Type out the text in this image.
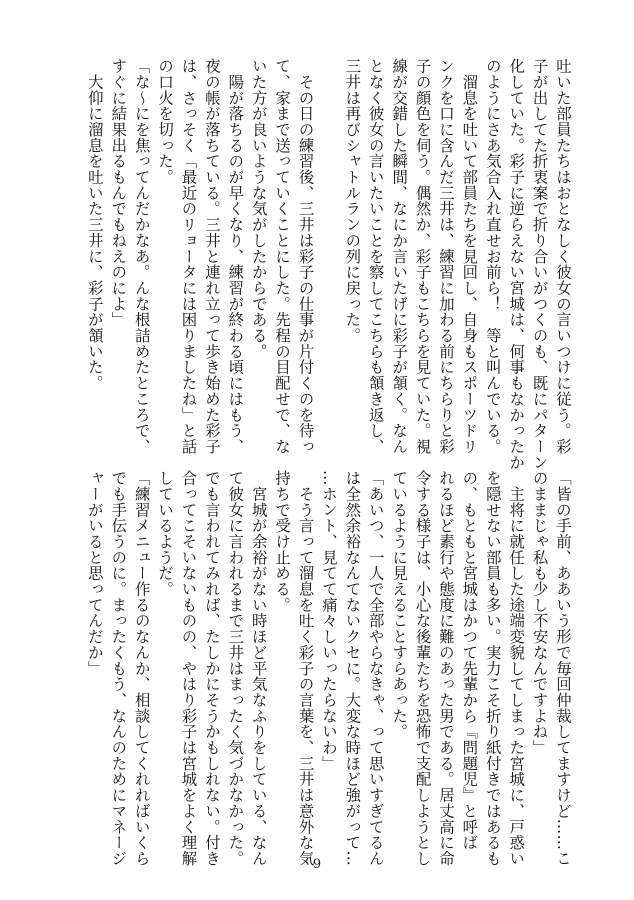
吐いた部員たちはおとなしく彼女の言いつけに従う。彩

子が出してた折衷案で折り合いがつくのも、既にパターン

化していた。彩子に逆らえない宮城は、何事もなかったか

のようにさあ気合入れ直せお前ら！　等と叫んでいる。

　溜息を吐いて部員たちを見回し、自身もスポーツドリ

ンクを口に含んだ三井は、練習に加わる前にちらりと彩

子の顔色を伺う。偶然か、彩子もこちらを見ていた。視

線が交錯した瞬間、なにか言いたげに彩子が頷く。なん

となく彼女の言いたいことを察してこちらも頷き返し、

三井は再びシャトルランの列に戻った。

　その日の練習後、三井は彩子の仕事が片付くのを待っ

て、家まで送っていくことにした。先程の目配せで、な

いた方が良いような気がしたからである。

　陽が落ちるのが早くなり、練習が終わる頃にはもう、

夜の帳が落ちている。三井と連れ立って歩き始めた彩子

は、さっそく「最近のリョータには困りましたね」と話

の口火を切った。

「な～にを焦ってんだかなあ。んな根詰めたところで、

すぐに結果出るもんでもねえのによ」

　大仰に溜息を吐いた三井に、彩子が頷いた。

「皆の手前、ああいう形で毎回仲裁してますけど……こ

のままじゃ私も少し不安なんですよね」

　主将に就任した途端変貌してしまった宮城に、戸惑い

を隠せない部員も多い。実力こそ折り紙付きではあるも

の、もともと宮城はかつて先輩から『問題児』と呼ば

れるほど素行や態度に難のあった男である。居丈高に命

令する様子は、小心な後輩たちを恐怖で支配しようとし

ているように見えることすらあった。

「あいつ、一人で全部やらなきゃ、って思いすぎてるん

は全然余裕なんてないクセに。大変な時ほど強がって…

…ホント、見てて痛々しいったらないわ」

　そう言って溜息を吐く彩子の言葉を、三井は意外な気

持ちで受け止める。

　宮城が余裕がない時ほど平気なふりをしている、なん

て彼女に言われるまで三井はまったく気づかなかった。

でも言われてみれば、たしかにそうかもしれない。付き

合ってこそいないものの、やはり彩子は宮城をよく理解

しているようだ。

「練習メニュー作るのなんか、相談してくれればいくら

でも手伝うのに。まったくもう、なんのためにマネージ

ャーがいると思ってんだか」

9
